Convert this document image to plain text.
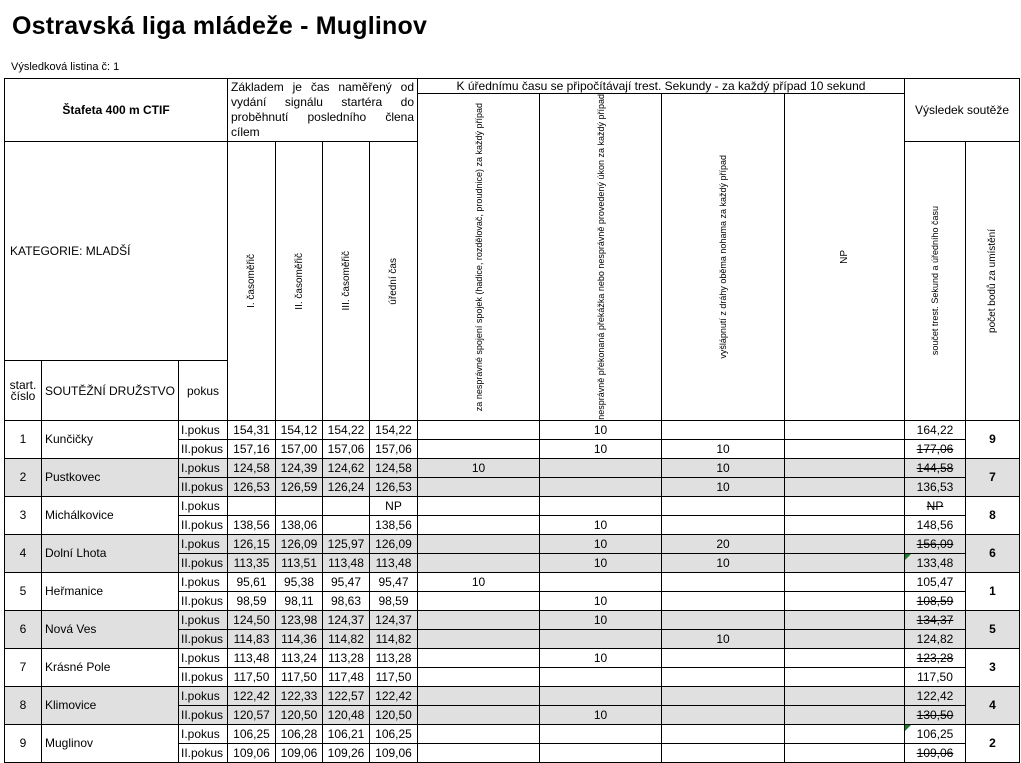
Ostravská liga mládeže - Muglinov
Výsledková listina č: 1
Štafeta 400 m CTIF			Základem je čas naměřený od vydání signálu startéra do proběhnutí posledního člena cílem				K úřednímu času se připočítávají trest. Sekundy - za každý případ 10 sekund				Výsledek soutěže	

							za nesprávné spojení spojek (hadice, rozdělovač, proudnice) za každý případ	nesprávně překonaná překážka nebo nesprávně provedený úkon za každý případ	vyšlápnutí z dráhy oběma nohama za každý případ	NP		

KATEGORIE: MLADŠÍ			I. časoměřič	II. časoměřič	III. časoměřič	úřední čas					součet trest. Sekund a úředního času	počet bodů za umístění

start. číslo	SOUTĚŽNÍ DRUŽSTVO	pokus										
1	Kunčičky	I.pokus	154,31	154,12	154,22	154,22		10			164,22	9
		II.pokus	157,16	157,00	157,06	157,06		10	10		177,06	
2	Pustkovec	I.pokus	124,58	124,39	124,62	124,58	10		10		144,58	7
		II.pokus	126,53	126,59	126,24	126,53			10		136,53	
3	Michálkovice	I.pokus				NP					NP	8
		II.pokus	138,56	138,06		138,56		10			148,56	
4	Dolní Lhota	I.pokus	126,15	126,09	125,97	126,09		10	20		156,09	6
		II.pokus	113,35	113,51	113,48	113,48		10	10		133,48	
5	Heřmanice	I.pokus	95,61	95,38	95,47	95,47	10				105,47	1
		II.pokus	98,59	98,11	98,63	98,59		10			108,59	
6	Nová Ves	I.pokus	124,50	123,98	124,37	124,37		10			134,37	5
		II.pokus	114,83	114,36	114,82	114,82			10		124,82	
7	Krásné Pole	I.pokus	113,48	113,24	113,28	113,28		10			123,28	3
		II.pokus	117,50	117,50	117,48	117,50					117,50	
8	Klimovice	I.pokus	122,42	122,33	122,57	122,42					122,42	4
		II.pokus	120,57	120,50	120,48	120,50		10			130,50	
9	Muglinov	I.pokus	106,25	106,28	106,21	106,25					106,25	2
		II.pokus	109,06	109,06	109,26	109,06					109,06	
